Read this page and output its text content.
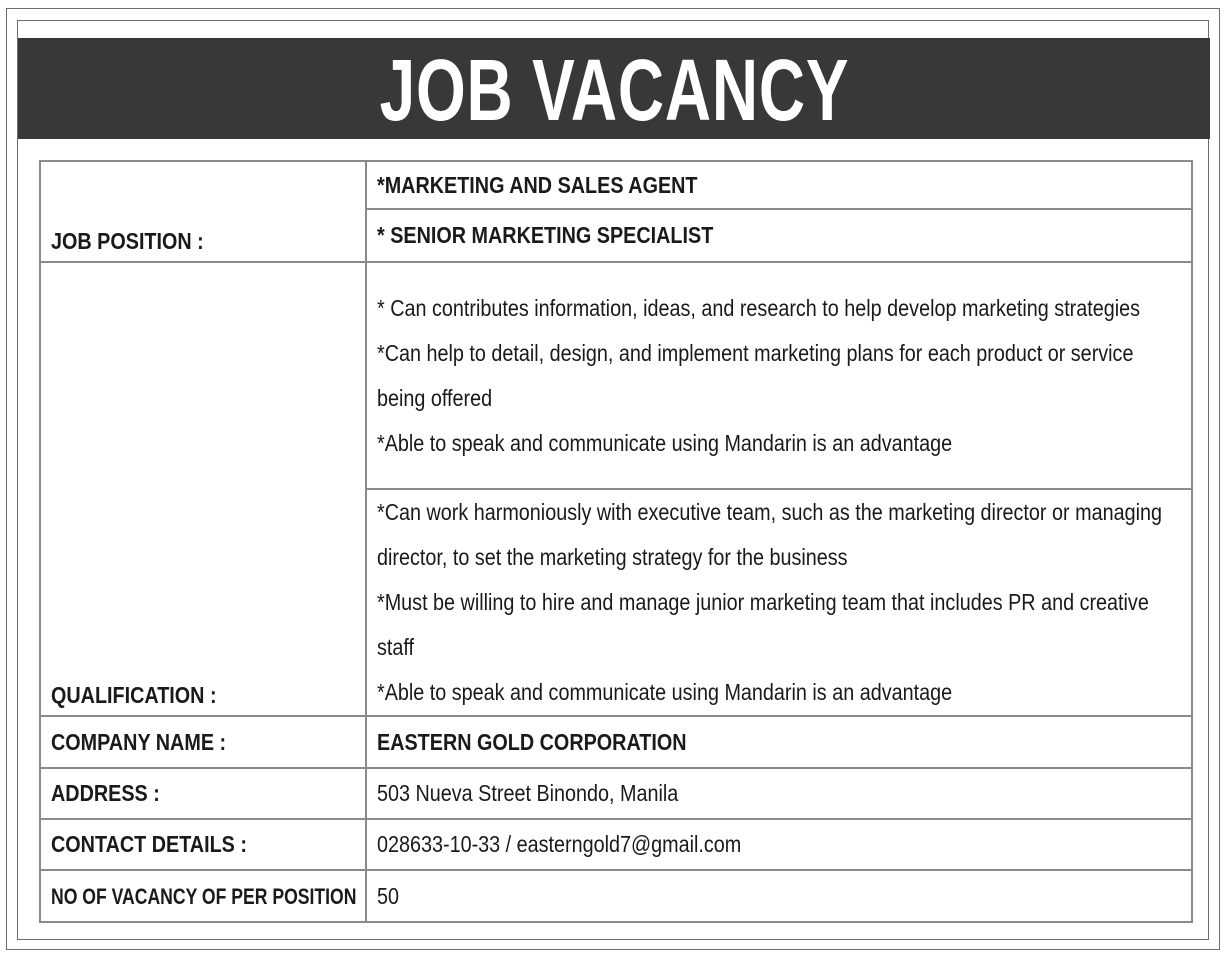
JOB VACANCY
JOB POSITION :	*MARKETING AND SALES AGENT
	* SENIOR MARKETING SPECIALIST
QUALIFICATION :	* Can contributes information, ideas, and research to help develop marketing strategies
*Can help to detail, design, and implement marketing plans for each product or service being offered
*Able to speak and communicate using Mandarin is an advantage

	*Can work harmoniously with executive team, such as the marketing director or managing director, to set the marketing strategy for the business
*Must be willing to hire and manage junior marketing team that includes PR and creative staff
*Able to speak and communicate using Mandarin is an advantage

COMPANY NAME :	EASTERN GOLD CORPORATION
ADDRESS :	503 Nueva Street Binondo, Manila
CONTACT DETAILS :	028633-10-33 / easterngold7@gmail.com
NO OF VACANCY OF PER POSITION	50
